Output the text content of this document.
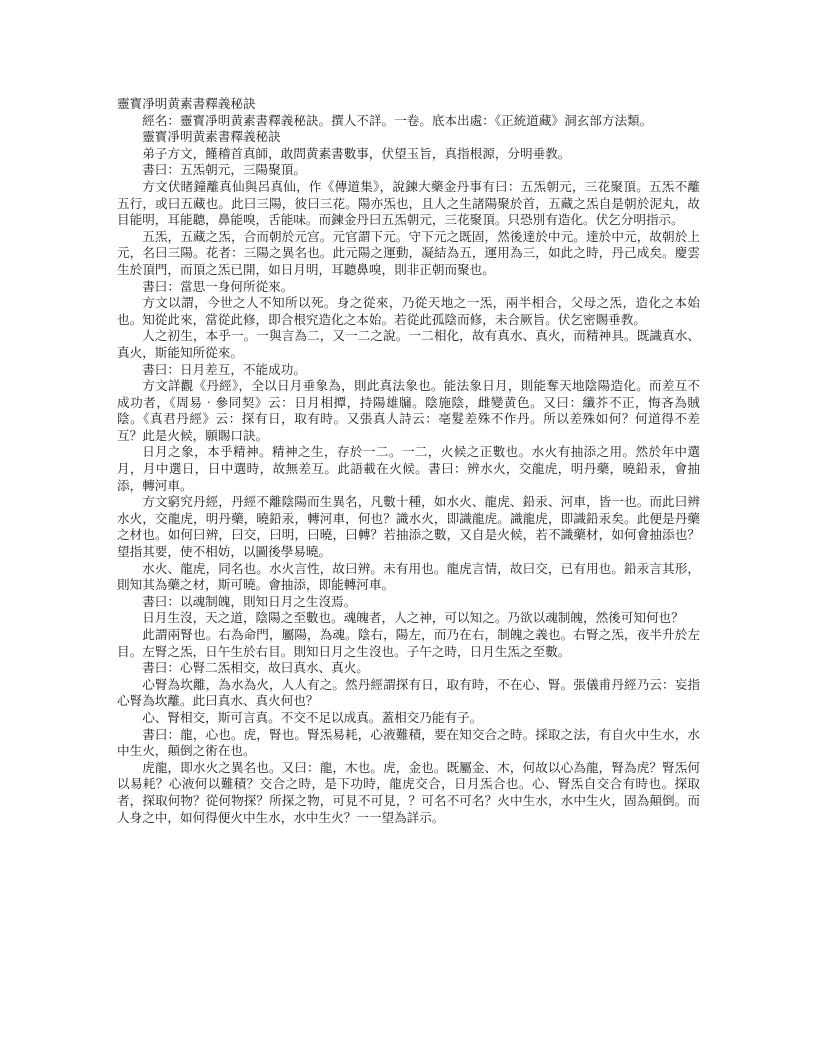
靈寳凈明黄素書釋義秘訣

經名：靈寳凈明黄素書釋義秘訣。撰人不詳。一卷。底本出處：《正統道藏》洞玄部方法類。

靈寳凈明黄素書釋義秘訣

弟子方文，饉稽首真師，敢問黄素書數事，伏望玉旨，真指根源，分明垂教。

書曰：五炁朝元，三陽聚頂。

方文伏睹鐘離真仙與呂真仙，作《傳道集》，說鍊大藥金丹事有曰：五炁朝元，三花聚頂。五炁不離五行，或曰五藏也。此曰三陽，彼曰三花。陽亦炁也，且人之生諸陽聚於首，五藏之炁自是朝於泥丸，故目能明，耳能聽，鼻能嗅，舌能味。而鍊金丹曰五炁朝元，三花聚頂。只恐別有造化。伏乞分明指示。

五炁，五藏之炁，合而朝於元宫。元官謂下元。守下元之既固，然後達於中元。達於中元，故朝於上元，名曰三陽。花者：三陽之異名也。此元陽之運動，凝結為五，運用為三，如此之時，丹己成矣。慶雲生於頂門，而頂之炁已開，如日月明，耳聽鼻嗅，則非正朝而聚也。

書曰：當思一身何所從來。

方文以謂，今世之人不知所以死。身之從來，乃從天地之一炁，兩半相合，父母之炁，造化之本始也。知從此來，當從此修，即合根究造化之本始。若從此孤陰而修，未合厥旨。伏乞密賜垂教。

人之初生，本乎一。一與言為二，又一二之說。一二相化，故有真水、真火，而精神具。既識真水、真火，斯能知所從來。

書曰：日月差互，不能成功。

方文詳觀《丹經》，全以日月垂象為，則此真法象也。能法象日月，則能奪天地陰陽造化。而差互不成功者，《周易‧參同契》云：日月相撢，持陽雄牖。陰施陰，雌變黄色。又曰：纖芥不正，悔吝為賊陰。《真君丹經》云：探有日，取有時。又張真人詩云：亳髮差殊不作丹。所以差殊如何？何道得不差互？此是火候，願賜口訣。

日月之象，本乎精神。精神之生，存於一二。一二，火候之正數也。水火有抽添之用。然於年中選月，月中選日，日中選時，故無差互。此語載在火候。書曰：辨水火，交龍虎，明丹藥，曉鉛汞，會抽添，轉河車。

方文窮究丹經，丹經不離陰陽而生異名，凡數十種，如水火、龍虎、鉛汞、河車，皆一也。而此曰辨水火，交龍虎，明丹藥，曉鉛汞，轉河車，何也？識水火，即識龍虎。識龍虎，即識鉛汞矣。此便是丹藥之材也。如何曰辨，曰交，曰明，曰曉，曰轉？若抽添之數，又自是火候，若不識藥材，如何會抽添也？望指其要，使不相妨，以圖後學易曉。

水火、龍虎，同名也。水火言性，故曰辨。未有用也。龍虎言情，故曰交，已有用也。鉛汞言其形，則知其為藥之材，斯可曉。會抽添，即能轉河車。

書曰：以魂制魄，則知日月之生沒焉。

日月生沒，天之道，陰陽之至數也。魂魄者，人之神，可以知之。乃欲以魂制魄，然後可知何也？

此謂兩腎也。右為命門，屬陽，為魂。陰右，陽左，而乃在右，制魄之義也。右腎之炁，夜半升於左目。左腎之炁，日午生於右目。則知日月之生沒也。子午之時，日月生炁之至數。

書曰：心腎二炁相交，故曰真水、真火。

心腎為坎離，為水為火，人人有之。然丹經謂探有日，取有時，不在心、腎。張儀甫丹經乃云：妄指心腎為坎離。此曰真水、真火何也？

心、腎相交，斯可言真。不交不足以成真。蓋相交乃能有子。

書曰：龍，心也。虎，腎也。腎炁易耗，心液難積，要在知交合之時。採取之法，有自火中生水，水中生火，顛倒之術在也。

虎龍，即水火之異名也。又曰：龍，木也。虎，金也。既屬金、木，何故以心為龍，腎為虎？腎炁何以易耗？心液何以難積？交合之時，是下功時，龍虎交合，日月炁合也。心、腎炁自交合有時也。探取者，探取何物？從何物探？所探之物，可見不可見，？可名不可名？火中生水，水中生火，固為顛倒。而人身之中，如何得便火中生水，水中生火？一一望為詳示。
